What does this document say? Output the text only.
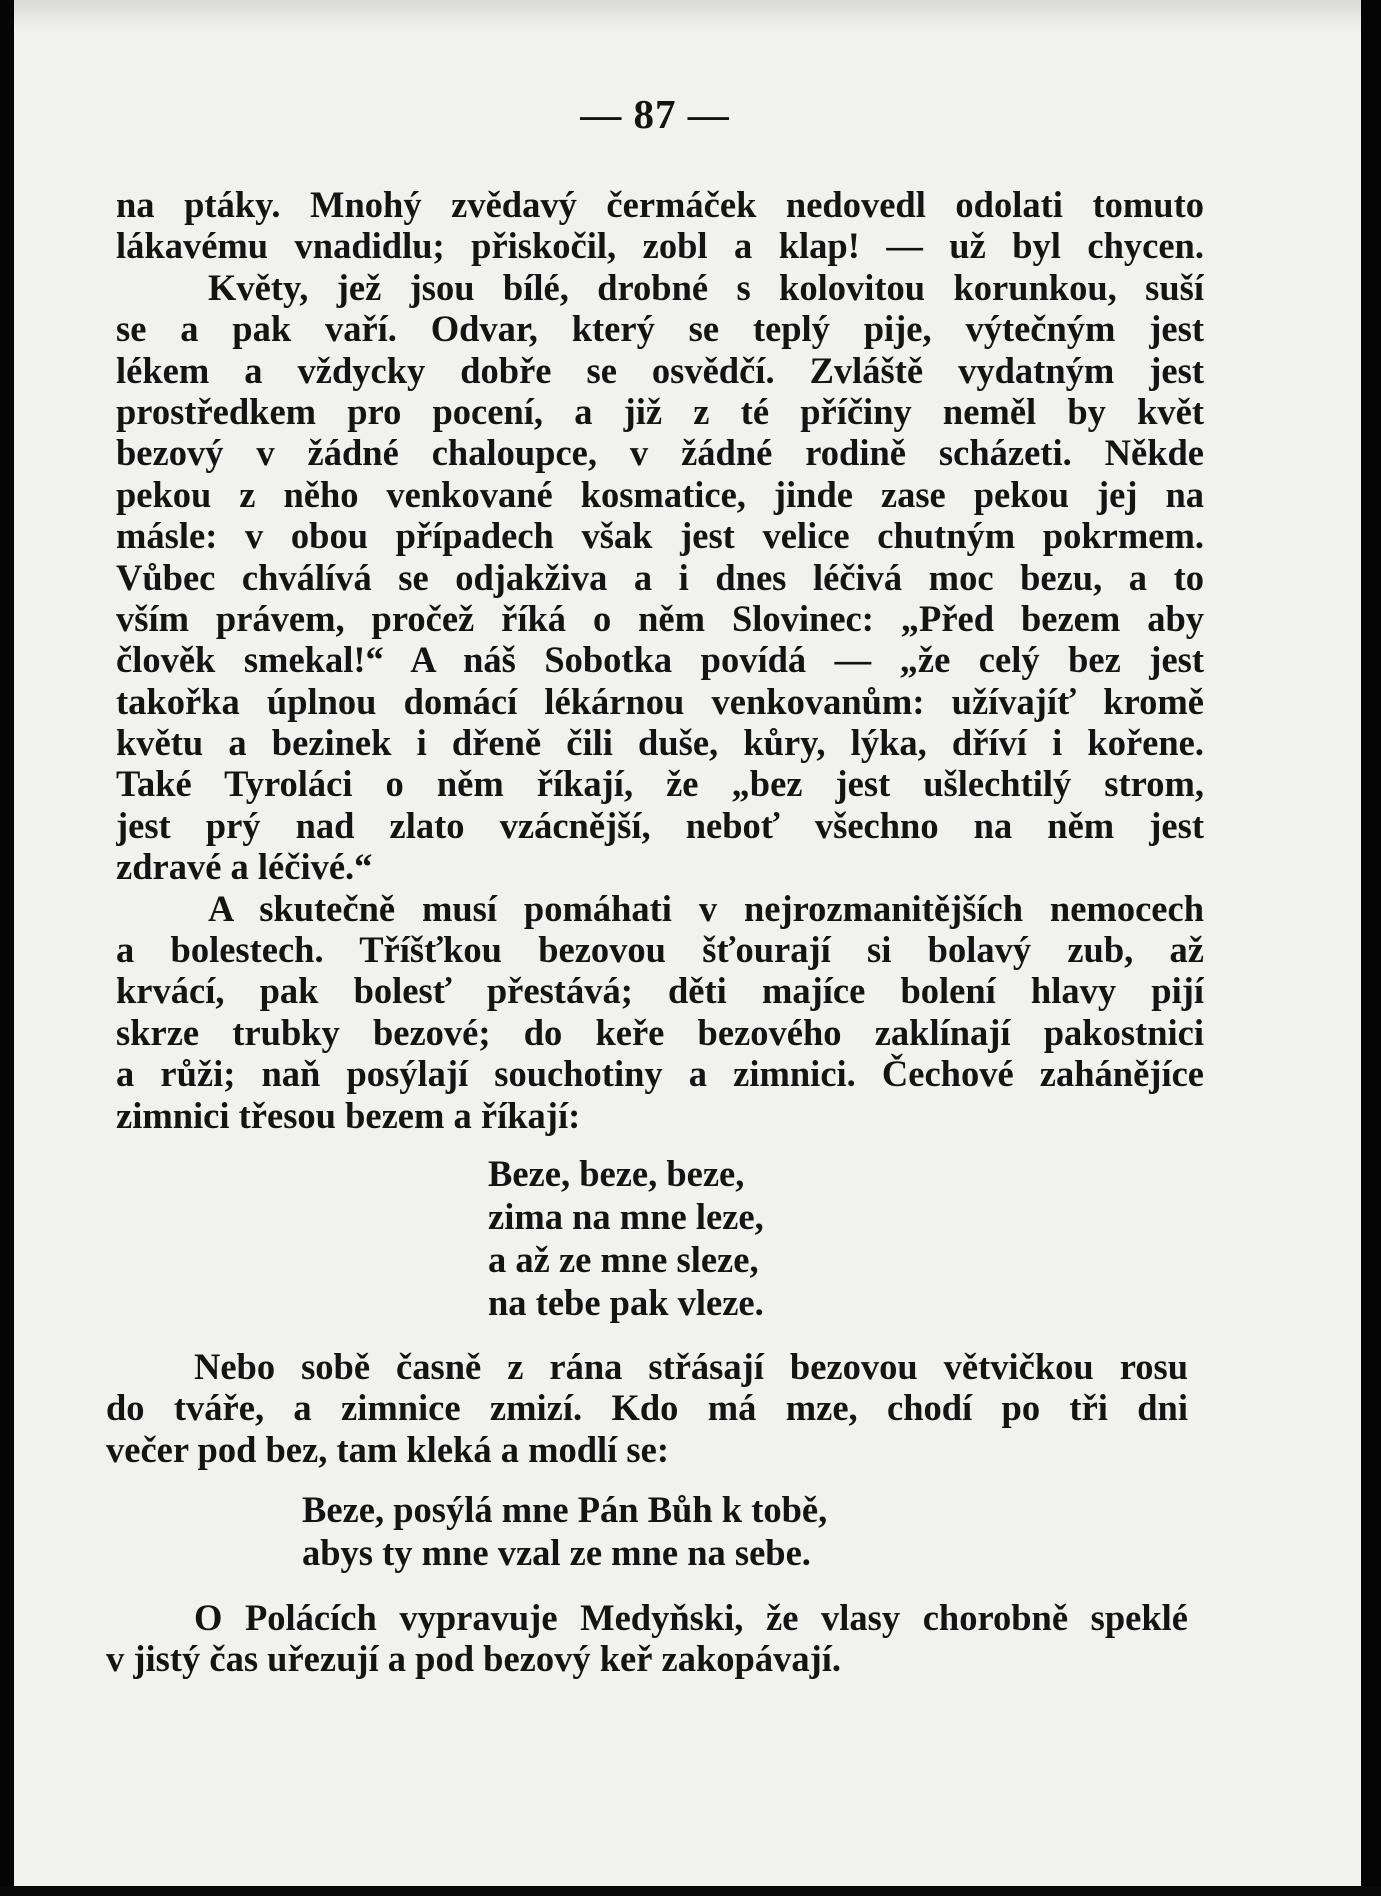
— 87 —
na ptáky. Mnohý zvědavý čermáček nedovedl odolati tomuto
lákavému vnadidlu; přiskočil, zobl a klap! — už byl chycen.
Květy, jež jsou bílé, drobné s kolovitou korunkou, suší
se a pak vaří. Odvar, který se teplý pije, výtečným jest
lékem a vždycky dobře se osvědčí. Zvláště vydatným jest
prostředkem pro pocení, a již z té příčiny neměl by květ
bezový v žádné chaloupce, v žádné rodině scházeti. Někde
pekou z něho venkované kosmatice, jinde zase pekou jej na
másle: v obou případech však jest velice chutným pokrmem.
Vůbec chválívá se odjakživa a i dnes léčivá moc bezu, a to
vším právem, pročež říká o něm Slovinec: „Před bezem aby
člověk smekal!“ A náš Sobotka povídá — „že celý bez jest
takořka úplnou domácí lékárnou venkovanům: užívajíť kromě
květu a bezinek i dřeně čili duše, kůry, lýka, dříví i kořene.
Také Tyroláci o něm říkají, že „bez jest ušlechtilý strom,
jest prý nad zlato vzácnější, neboť všechno na něm jest
zdravé a léčivé.“
A skutečně musí pomáhati v nejrozmanitějších nemocech
a bolestech. Tříšťkou bezovou šťourají si bolavý zub, až
krvácí, pak bolesť přestává; děti majíce bolení hlavy pijí
skrze trubky bezové; do keře bezového zaklínají pakostnici
a růži; naň posýlají souchotiny a zimnici. Čechové zahánějíce
zimnici třesou bezem a říkají:
Beze, beze, beze,
zima na mne leze,
a až ze mne sleze,
na tebe pak vleze.
Nebo sobě časně z rána střásají bezovou větvičkou rosu
do tváře, a zimnice zmizí. Kdo má mze, chodí po tři dni
večer pod bez, tam kleká a modlí se:
Beze, posýlá mne Pán Bůh k tobě,
abys ty mne vzal ze mne na sebe.
O Polácích vypravuje Medyňski, že vlasy chorobně speklé
v jistý čas uřezují a pod bezový keř zakopávají.
